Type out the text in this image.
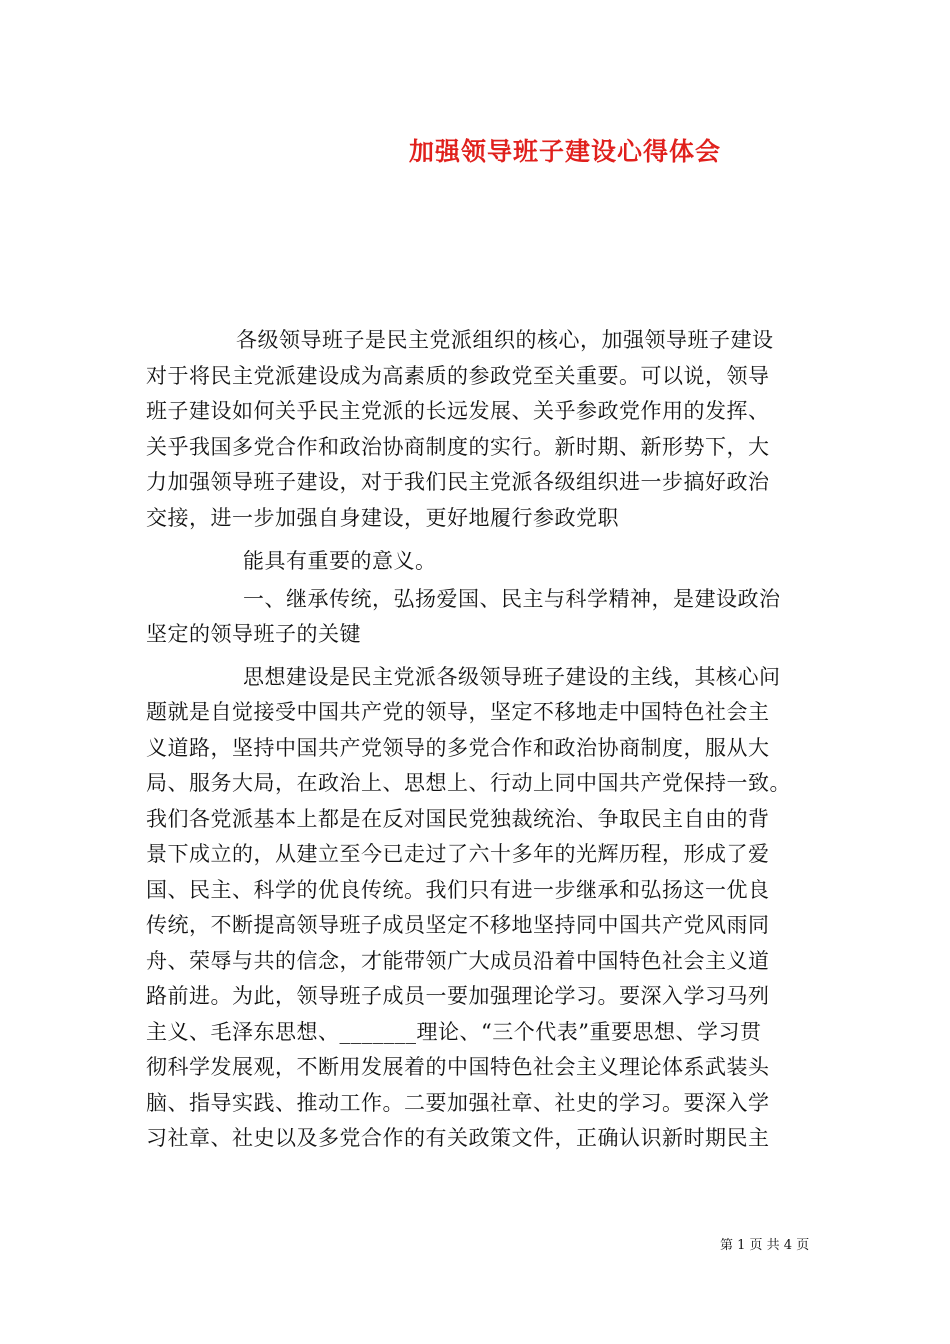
加强领导班子建设心得体会
各级领导班子是民主党派组织的核心，加强领导班子建设
对于将民主党派建设成为高素质的参政党至关重要。可以说，领导
班子建设如何关乎民主党派的长远发展、关乎参政党作用的发挥、
关乎我国多党合作和政治协商制度的实行。新时期、新形势下，大
力加强领导班子建设，对于我们民主党派各级组织进一步搞好政治
交接，进一步加强自身建设，更好地履行参政党职
能具有重要的意义。
一、继承传统，弘扬爱国、民主与科学精神，是建设政治
坚定的领导班子的关键
思想建设是民主党派各级领导班子建设的主线，其核心问
题就是自觉接受中国共产党的领导，坚定不移地走中国特色社会主
义道路，坚持中国共产党领导的多党合作和政治协商制度，服从大
局、服务大局，在政治上、思想上、行动上同中国共产党保持一致。
我们各党派基本上都是在反对国民党独裁统治、争取民主自由的背
景下成立的，从建立至今已走过了六十多年的光辉历程，形成了爱
国、民主、科学的优良传统。我们只有进一步继承和弘扬这一优良
传统，不断提高领导班子成员坚定不移地坚持同中国共产党风雨同
舟、荣辱与共的信念，才能带领广大成员沿着中国特色社会主义道
路前进。为此，领导班子成员一要加强理论学习。要深入学习马列
主义、毛泽东思想、_______理论、“三个代表”重要思想、学习贯
彻科学发展观，不断用发展着的中国特色社会主义理论体系武装头
脑、指导实践、推动工作。二要加强社章、社史的学习。要深入学
习社章、社史以及多党合作的有关政策文件，正确认识新时期民主
第 1 页 共 4 页
